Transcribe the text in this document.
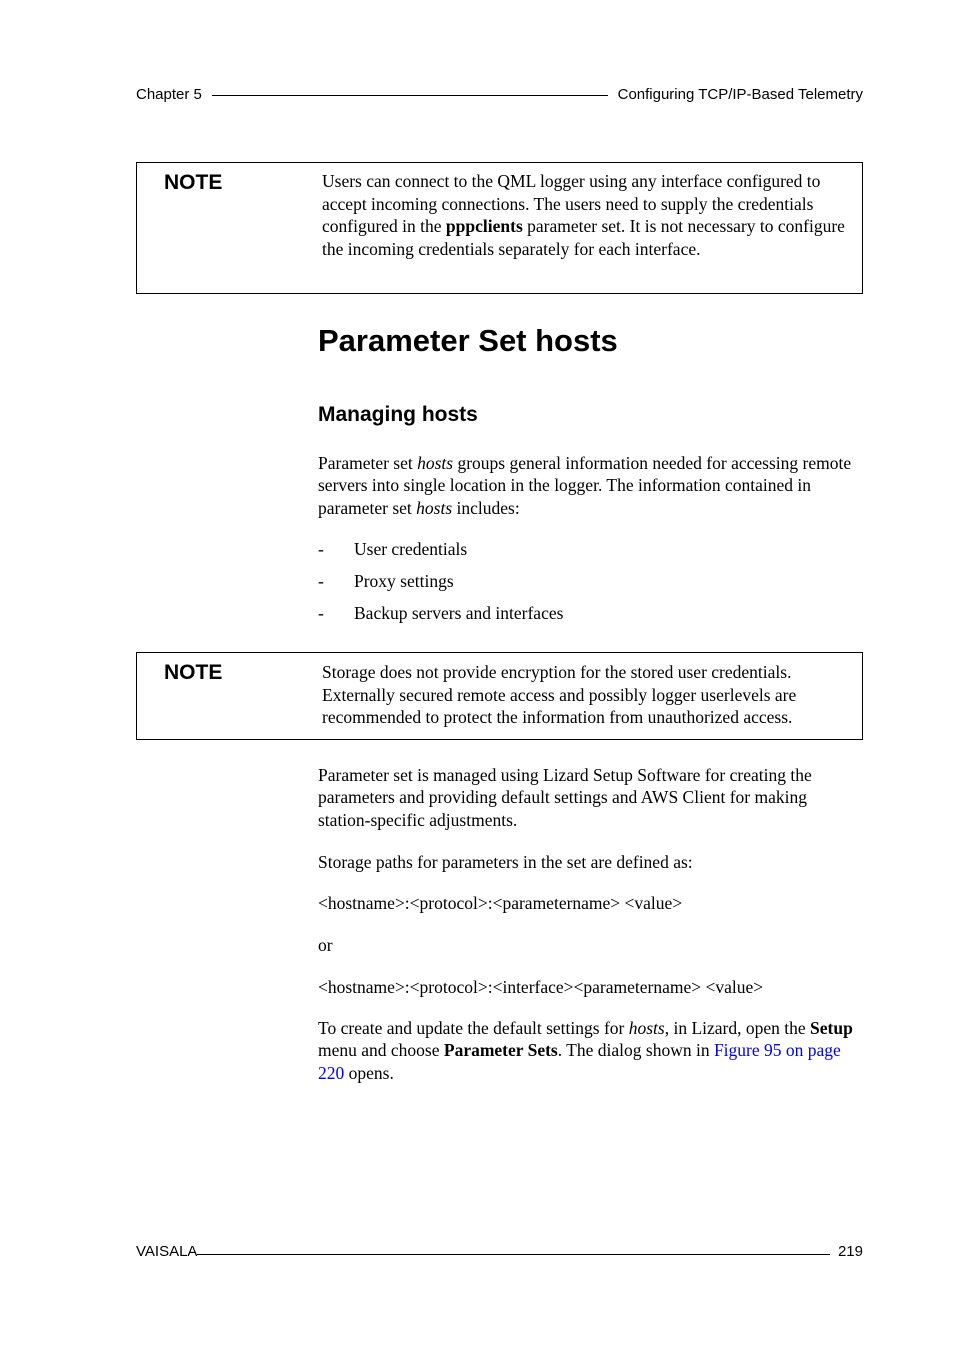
Chapter 5	Configuring TCP/IP-Based Telemetry
NOTE	Users can connect to the QML logger using any interface configured to accept incoming connections. The users need to supply the credentials configured in the pppclients parameter set. It is not necessary to configure the incoming credentials separately for each interface.
Parameter Set hosts
Managing hosts
Parameter set hosts groups general information needed for accessing remote servers into single location in the logger. The information contained in parameter set hosts includes:
- User credentials
- Proxy settings
- Backup servers and interfaces
NOTE	Storage does not provide encryption for the stored user credentials. Externally secured remote access and possibly logger userlevels are recommended to protect the information from unauthorized access.
Parameter set is managed using Lizard Setup Software for creating the parameters and providing default settings and AWS Client for making station-specific adjustments.
Storage paths for parameters in the set are defined as:
<hostname>:<protocol>:<parametername> <value>
or
<hostname>:<protocol>:<interface><parametername> <value>
To create and update the default settings for hosts, in Lizard, open the Setup menu and choose Parameter Sets. The dialog shown in Figure 95 on page 220 opens.
VAISALA	219
